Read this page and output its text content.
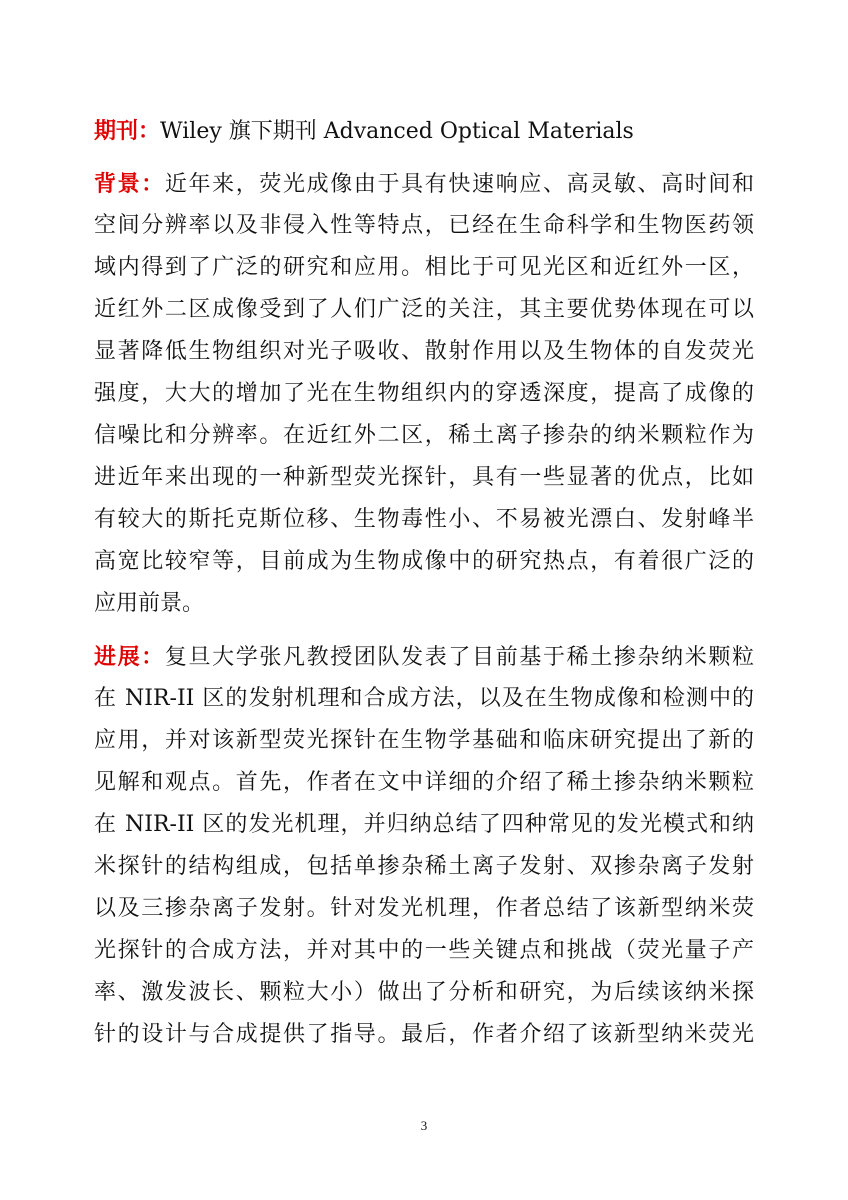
期刊：Wiley 旗下期刊 Advanced Optical Materials
背景：近年来，荧光成像由于具有快速响应、高灵敏、高时间和
空间分辨率以及非侵入性等特点，已经在生命科学和生物医药领
域内得到了广泛的研究和应用。相比于可见光区和近红外一区，
近红外二区成像受到了人们广泛的关注，其主要优势体现在可以
显著降低生物组织对光子吸收、散射作用以及生物体的自发荧光
强度，大大的增加了光在生物组织内的穿透深度，提高了成像的
信噪比和分辨率。在近红外二区，稀土离子掺杂的纳米颗粒作为
进近年来出现的一种新型荧光探针，具有一些显著的优点，比如
有较大的斯托克斯位移、生物毒性小、不易被光漂白、发射峰半
高宽比较窄等，目前成为生物成像中的研究热点，有着很广泛的
应用前景。
进展：复旦大学张凡教授团队发表了目前基于稀土掺杂纳米颗粒
在 NIR-II 区的发射机理和合成方法，以及在生物成像和检测中的
应用，并对该新型荧光探针在生物学基础和临床研究提出了新的
见解和观点。首先，作者在文中详细的介绍了稀土掺杂纳米颗粒
在 NIR-II 区的发光机理，并归纳总结了四种常见的发光模式和纳
米探针的结构组成，包括单掺杂稀土离子发射、双掺杂离子发射
以及三掺杂离子发射。针对发光机理，作者总结了该新型纳米荧
光探针的合成方法，并对其中的一些关键点和挑战（荧光量子产
率、激发波长、颗粒大小）做出了分析和研究，为后续该纳米探
针的设计与合成提供了指导。最后，作者介绍了该新型纳米荧光
3
